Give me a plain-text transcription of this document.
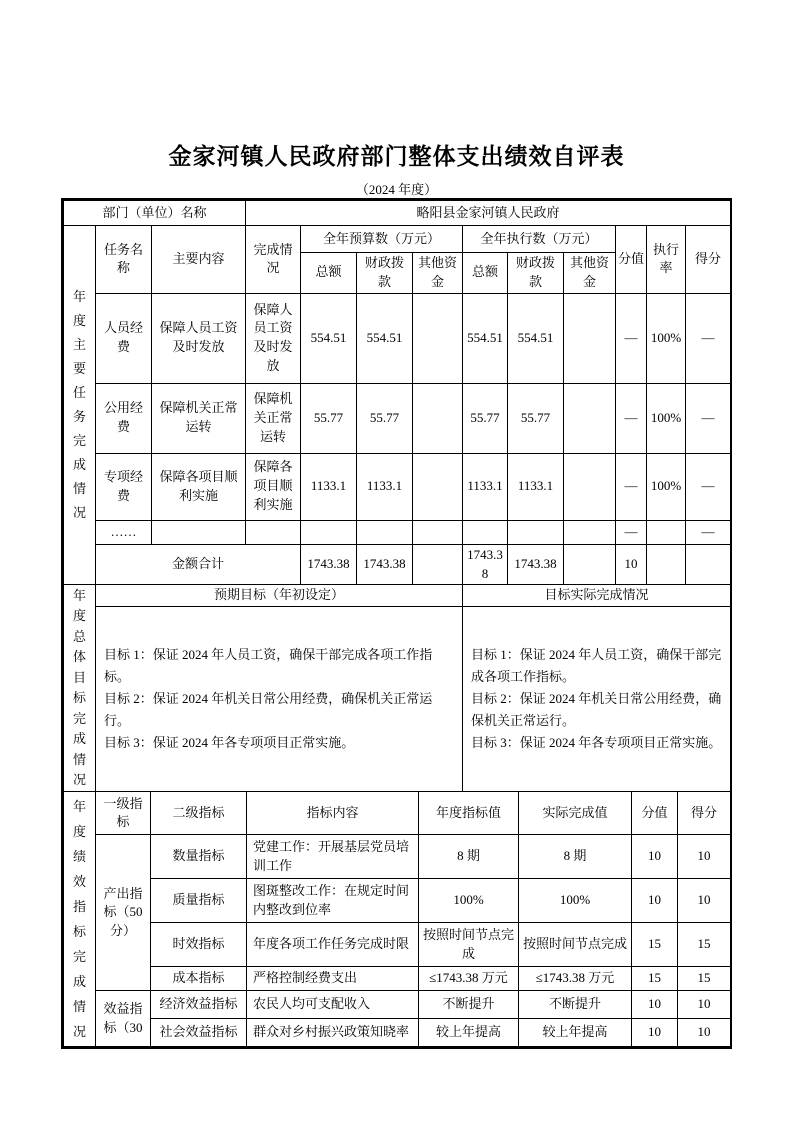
金家河镇人民政府部门整体支出绩效自评表
（2024 年度）
部门（单位）名称			略阳县金家河镇人民政府									

年度主要任务完成情况	任务名称	主要内容	完成情况	全年预算数（万元）			全年执行数（万元）			分值	执行率	得分
				总额	财政拨款	其他资金	总额	财政拨款	其他资金			
	人员经费	保障人员工资及时发放	保障人员工资及时发放	554.51	554.51		554.51	554.51		—	100%	—
	公用经费	保障机关正常运转	保障机关正常运转	55.77	55.77		55.77	55.77		—	100%	—
	专项经费	保障各项目顺利实施	保障各项目顺利实施	1133.1	1133.1		1133.1	1133.1		—	100%	—
	……									—		—
	金额合计			1743.38	1743.38		1743.38	1743.38		10		
年度总体目标完成情况	预期目标（年初设定）	目标实际完成情况

目标 1：保证 2024 年人员工资，确保干部完成各项工作指标。
目标 2：保证 2024 年机关日常公用经费，确保机关正常运行。
目标 3：保证 2024 年各专项项目正常实施。

目标 1：保证 2024 年人员工资，确保干部完成各项工作指标。
目标 2：保证 2024 年机关日常公用经费，确保机关正常运行。
目标 3：保证 2024 年各专项项目正常实施。
年度绩效指标完成情况	一级指标	二级指标	指标内容	年度指标值	实际完成值	分值	得分
	产出指标（50分）	数量指标	党建工作：开展基层党员培训工作	8 期	8 期	10	10
		质量指标	图斑整改工作：在规定时间内整改到位率	100%	100%	10	10
		时效指标	年度各项工作任务完成时限	按照时间节点完成	按照时间节点完成	15	15
		成本指标	严格控制经费支出	≤1743.38 万元	≤1743.38 万元	15	15
	效益指标（30	经济效益指标	农民人均可支配收入	不断提升	不断提升	10	10
		社会效益指标	群众对乡村振兴政策知晓率	较上年提高	较上年提高	10	10
